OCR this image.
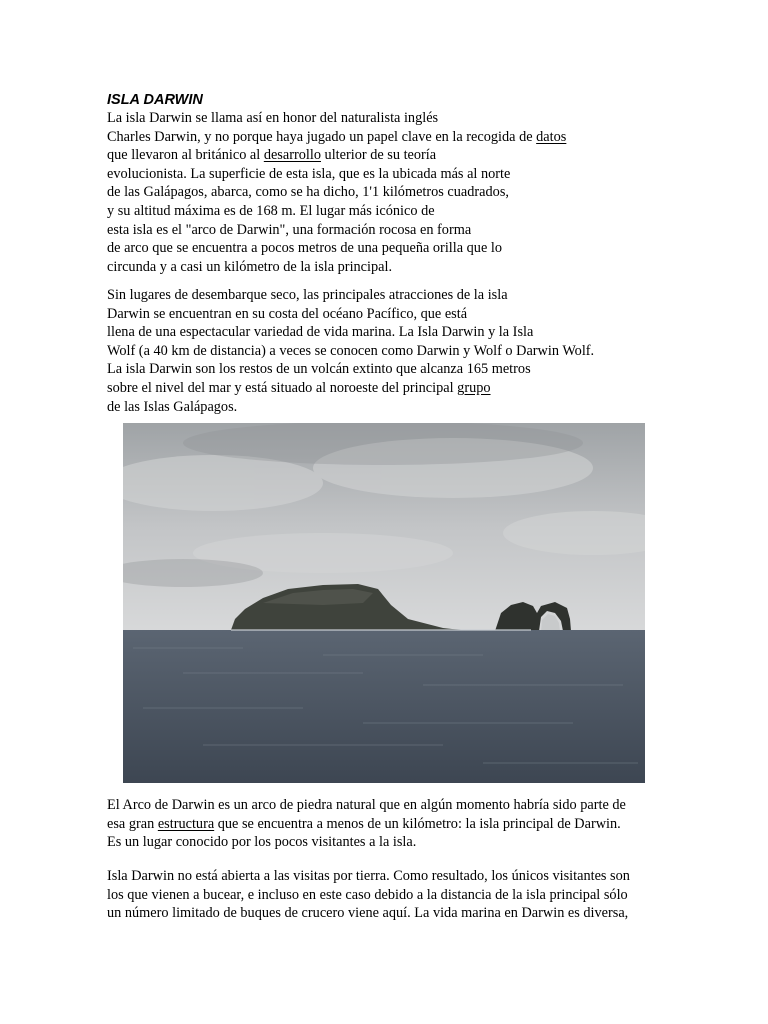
ISLA DARWIN
La isla Darwin se llama así en honor del naturalista inglés
Charles Darwin, y no porque haya jugado un papel clave en la recogida de datos
que llevaron al británico al desarrollo ulterior de su teoría
evolucionista. La superficie de esta isla, que es la ubicada más al norte
de las Galápagos, abarca, como se ha dicho, 1'1 kilómetros cuadrados,
y su altitud máxima es de 168 m. El lugar más icónico de
esta isla es el "arco de Darwin", una formación rocosa en forma
de arco que se encuentra a pocos metros de una pequeña orilla que lo
circunda y a casi un kilómetro de la isla principal.
Sin lugares de desembarque seco, las principales atracciones de la isla
Darwin se encuentran en su costa del océano Pacífico, que está
llena de una espectacular variedad de vida marina. La Isla Darwin y la Isla
Wolf (a 40 km de distancia) a veces se conocen como Darwin y Wolf o Darwin Wolf.
La isla Darwin son los restos de un volcán extinto que alcanza 165 metros
sobre el nivel del mar y está situado al noroeste del principal grupo
de las Islas Galápagos.
El Arco de Darwin es un arco de piedra natural que en algún momento habría sido parte de
esa gran estructura que se encuentra a menos de un kilómetro: la isla principal de Darwin.
Es un lugar conocido por los pocos visitantes a la isla.
Isla Darwin no está abierta a las visitas por tierra. Como resultado, los únicos visitantes son
los que vienen a bucear, e incluso en este caso debido a la distancia de la isla principal sólo
un número limitado de buques de crucero viene aquí. La vida marina en Darwin es diversa,
